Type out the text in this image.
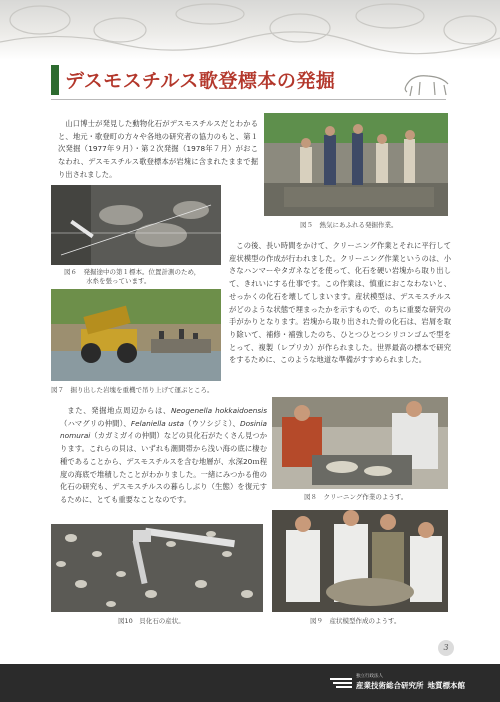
デスモスチルス歌登標本の発掘

山口博士が発見した動物化石がデスモスチルスだとわかると、地元・歌登町の方々や各地の研究者の協力のもと、第１次発掘（1977年９月）・第２次発掘（1978年７月）がおこなわれ、デスモスチルス歌登標本が岩塊に含まれたままで掘り出されました。

図５　熱気にあふれる発掘作業。
図６　発掘途中の第１標本。位置計測のため，
水糸を張っています。
図７　掘り出した岩塊を重機で吊り上げて運ぶところ。

この後、長い時間をかけて、クリーニング作業とそれに平行して産状模型の作成が行われました。クリーニング作業というのは、小さなハンマーやタガネなどを使って、化石を硬い岩塊から取り出して、きれいにする仕事です。この作業は、慎重におこなわないと、せっかくの化石を壊してしまいます。産状模型は、デスモスチルスがどのような状態で埋まったかを示すもので、のちに重要な研究の手がかりとなります。岩塊から取り出された骨の化石は、岩屑を取り除いて、補修・補強したのち、ひとつひとつシリコンゴムで型をとって、複製（レプリカ）が作られました。世界最高の標本で研究をするために、このような地道な準備がすすめられました。

図８　クリーニング作業のようす。

また、発掘地点周辺からは、Neogenella hokkaidoensis（ハマグリの仲間）、Felaniella usta（ウソシジミ）、Dosinia nomurai（カガミガイの仲間）などの貝化石がたくさん見つかります。これらの貝は、いずれも潮間帯から浅い海の底に棲む種であることから、デスモスチルスを含む地層が、水深20ｍ程度の海底で堆積したことがわかりました。一緒にみつかる他の化石の研究も、デスモスチルスの暮らしぶり（生態）を復元するために、とても重要なことなのです。

図10　貝化石の産状。	図９　産状模型作成のようす。
3
独立行政法人
産業技術総合研究所 地質標本館
